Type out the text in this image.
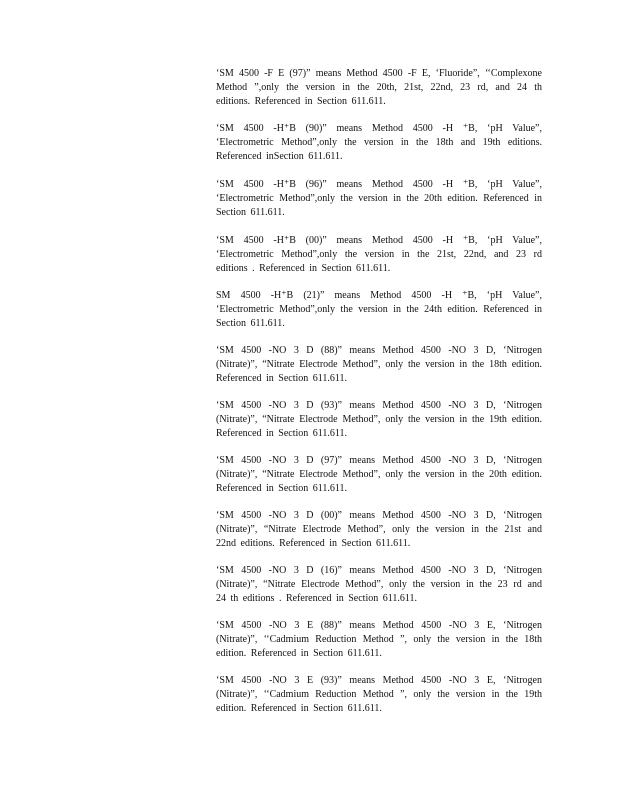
‘SM 4500 -F E (97)” means Method 4500 -F E, ‘Fluoride”, ‘‘Complexone Method ”,only the version in the 20th, 21st, 22nd, 23 rd, and 24 th editions. Referenced in Section 611.611.

‘SM 4500 -H⁺B (90)” means Method 4500 -H ⁺B, ‘pH Value”, ‘Electrometric Method”,only the version in the 18th and 19th editions. Referenced inSection 611.611.

‘SM 4500 -H⁺B (96)” means Method 4500 -H ⁺B, ‘pH Value”, ‘Electrometric Method”,only the version in the 20th edition. Referenced in Section 611.611.

‘SM 4500 -H⁺B (00)” means Method 4500 -H ⁺B, ‘pH Value”, ‘Electrometric Method”,only the version in the 21st, 22nd, and 23 rd editions . Referenced in Section 611.611.

SM 4500 -H⁺B (21)” means Method 4500 -H ⁺B, ‘pH Value”, ‘Electrometric Method”,only the version in the 24th edition. Referenced in Section 611.611.

‘SM 4500 -NO 3 D (88)” means Method 4500 -NO 3 D, ‘Nitrogen (Nitrate)”, “Nitrate Electrode Method”, only the version in the 18th edition. Referenced in Section 611.611.

‘SM 4500 -NO 3 D (93)” means Method 4500 -NO 3 D, ‘Nitrogen (Nitrate)”, “Nitrate Electrode Method”, only the version in the 19th edition. Referenced in Section 611.611.

‘SM 4500 -NO 3 D (97)” means Method 4500 -NO 3 D, ‘Nitrogen (Nitrate)”, “Nitrate Electrode Method”, only the version in the 20th edition. Referenced in Section 611.611.

‘SM 4500 -NO 3 D (00)” means Method 4500 -NO 3 D, ‘Nitrogen (Nitrate)”, “Nitrate Electrode Method”, only the version in the 21st and 22nd editions. Referenced in Section 611.611.

‘SM 4500 -NO 3 D (16)” means Method 4500 -NO 3 D, ‘Nitrogen (Nitrate)”, “Nitrate Electrode Method”, only the version in the 23 rd and 24 th editions . Referenced in Section 611.611.

‘SM 4500 -NO 3 E (88)” means Method 4500 -NO 3 E, ‘Nitrogen (Nitrate)”, ‘‘Cadmium Reduction Method ”, only the version in the 18th edition. Referenced in Section 611.611.

‘SM 4500 -NO 3 E (93)” means Method 4500 -NO 3 E, ‘Nitrogen (Nitrate)”, ‘‘Cadmium Reduction Method ”, only the version in the 19th edition. Referenced in Section 611.611.
